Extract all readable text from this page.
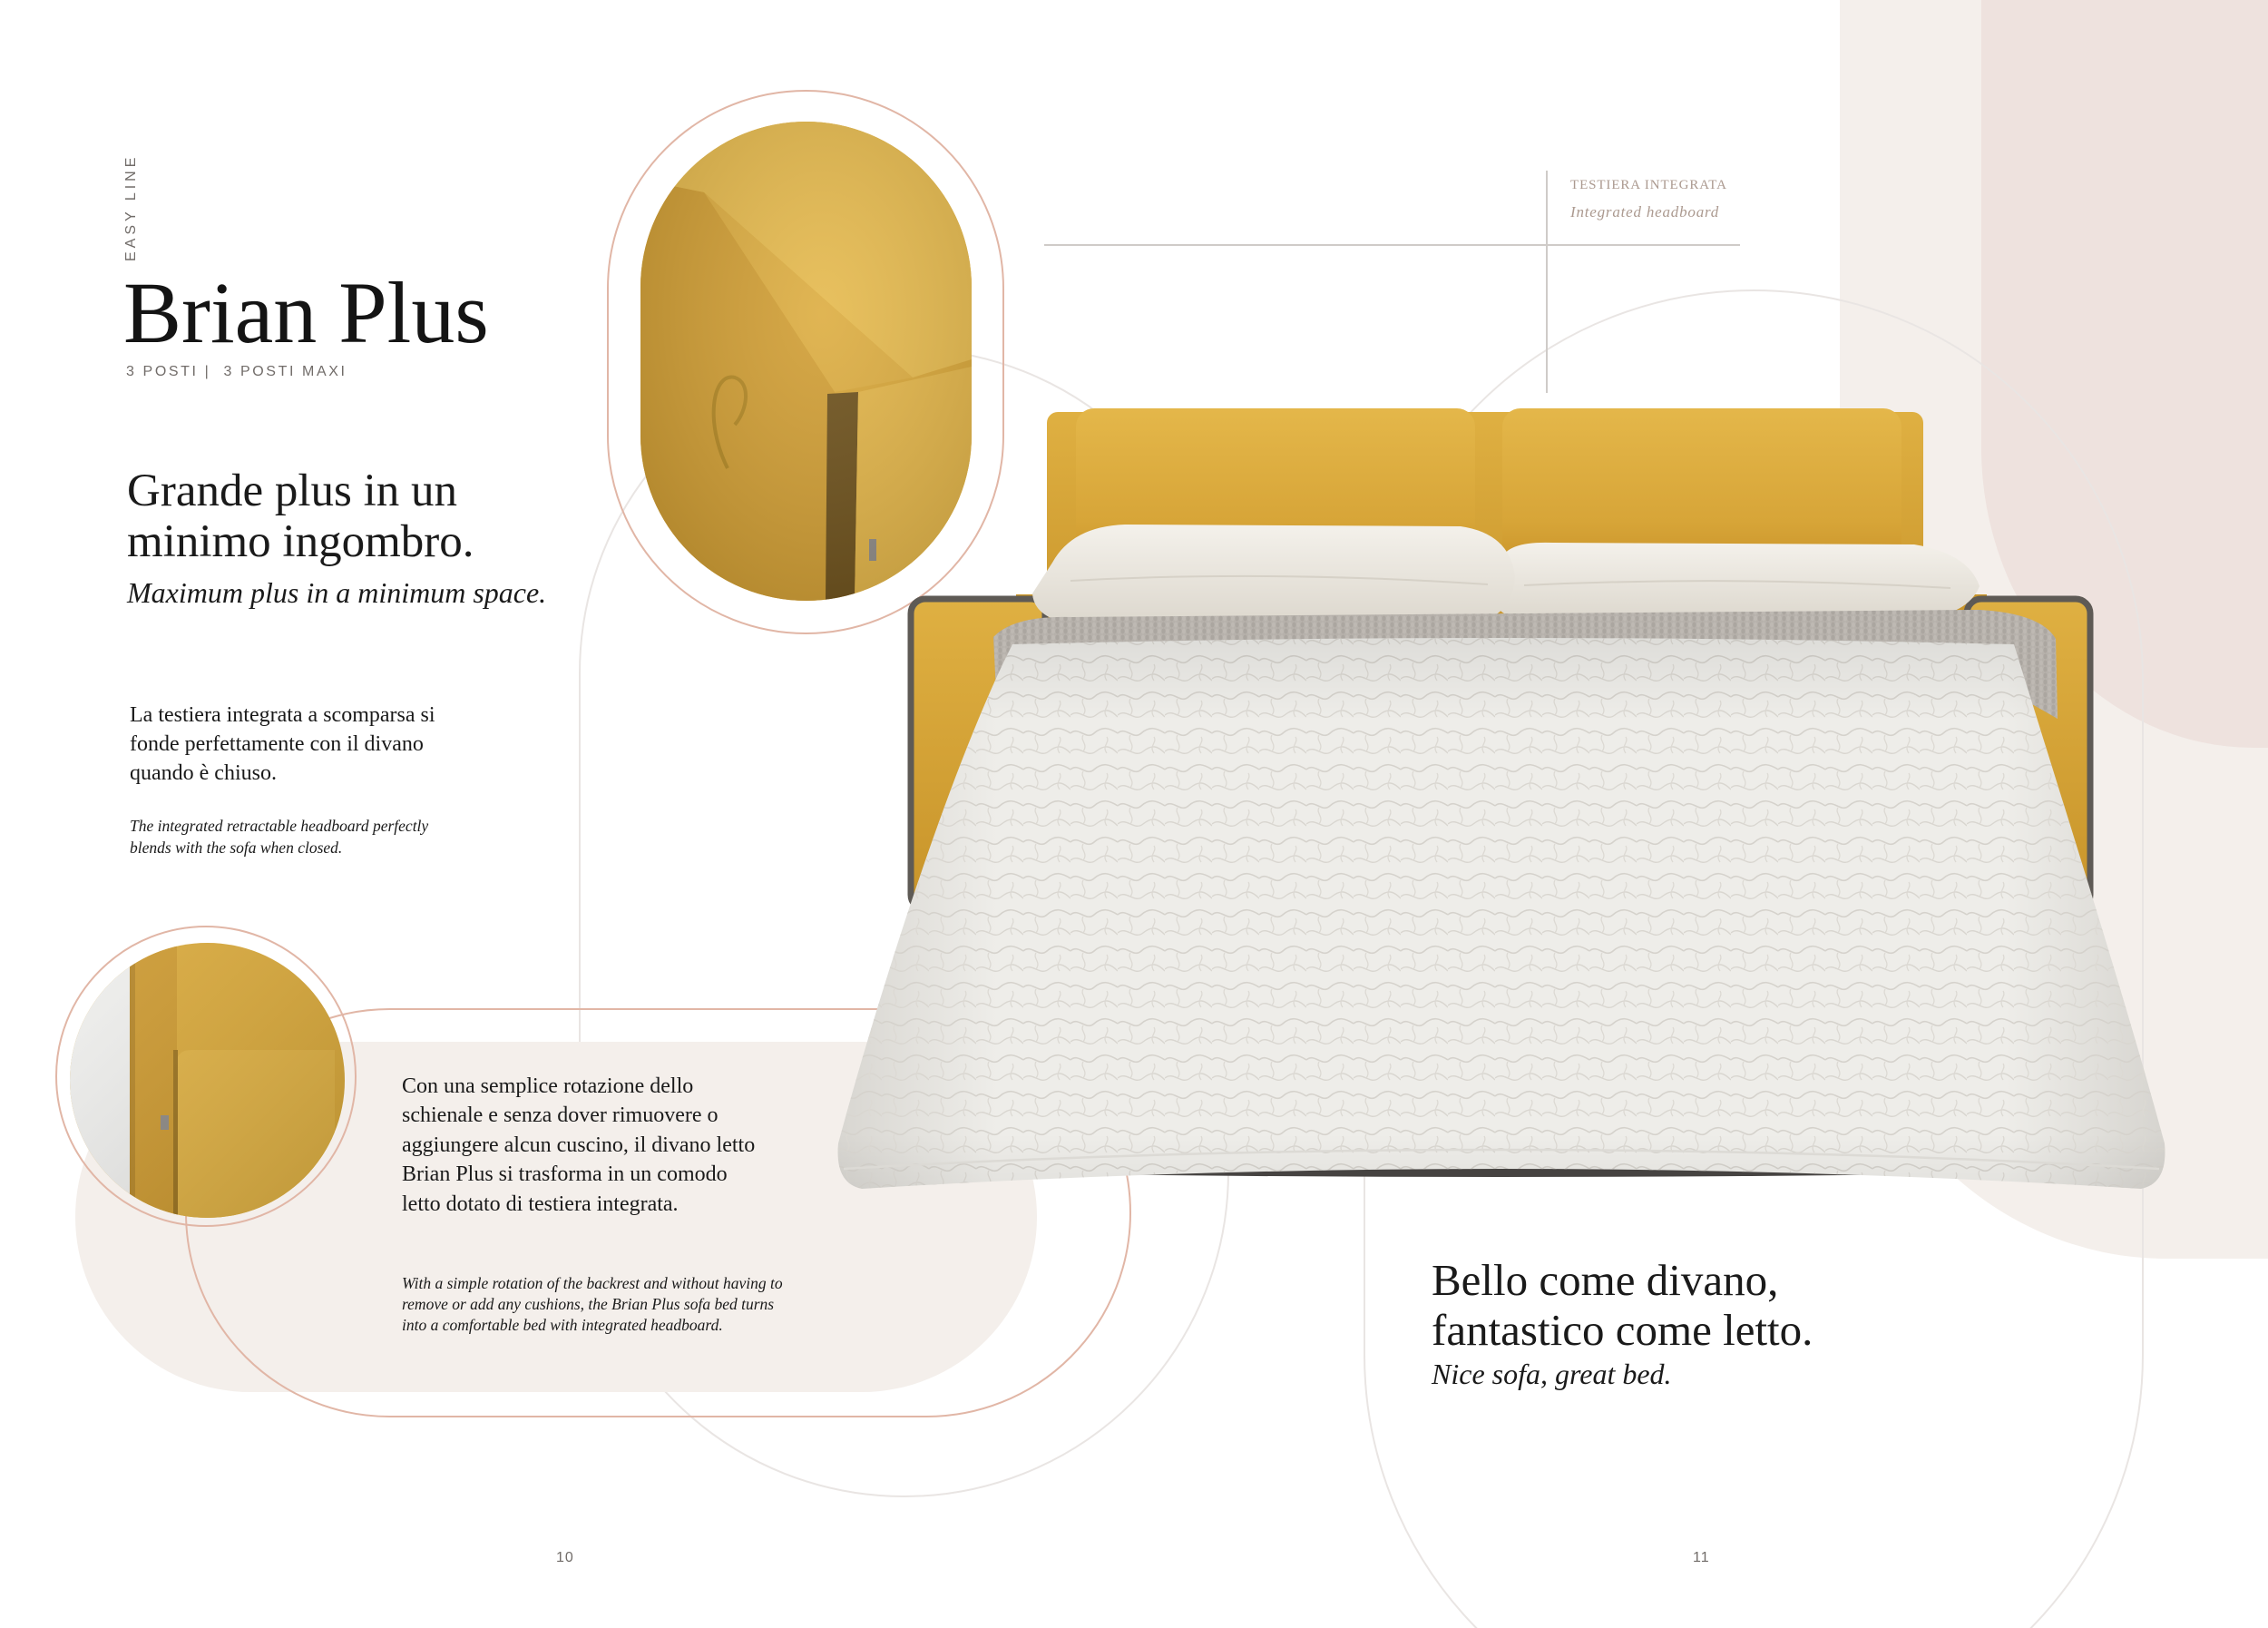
EASY LINE
Brian Plus
3 POSTI |  3 POSTI MAXI
Grande plus in un
minimo ingombro.
Maximum plus in a minimum space.
La testiera integrata a scomparsa si
fonde perfettamente con il divano
quando è chiuso.
The integrated retractable headboard perfectly
blends with the sofa when closed.
Con una semplice rotazione dello
schienale e senza dover rimuovere o
aggiungere alcun cuscino, il divano letto
Brian Plus si trasforma in un comodo
letto dotato di testiera integrata.
With a simple rotation of the backrest and without having to
remove or add any cushions, the Brian Plus sofa bed turns
into a comfortable bed with integrated headboard.
TESTIERA INTEGRATA
Integrated headboard
Bello come divano,
fantastico come letto.
Nice sofa, great bed.
10	11
